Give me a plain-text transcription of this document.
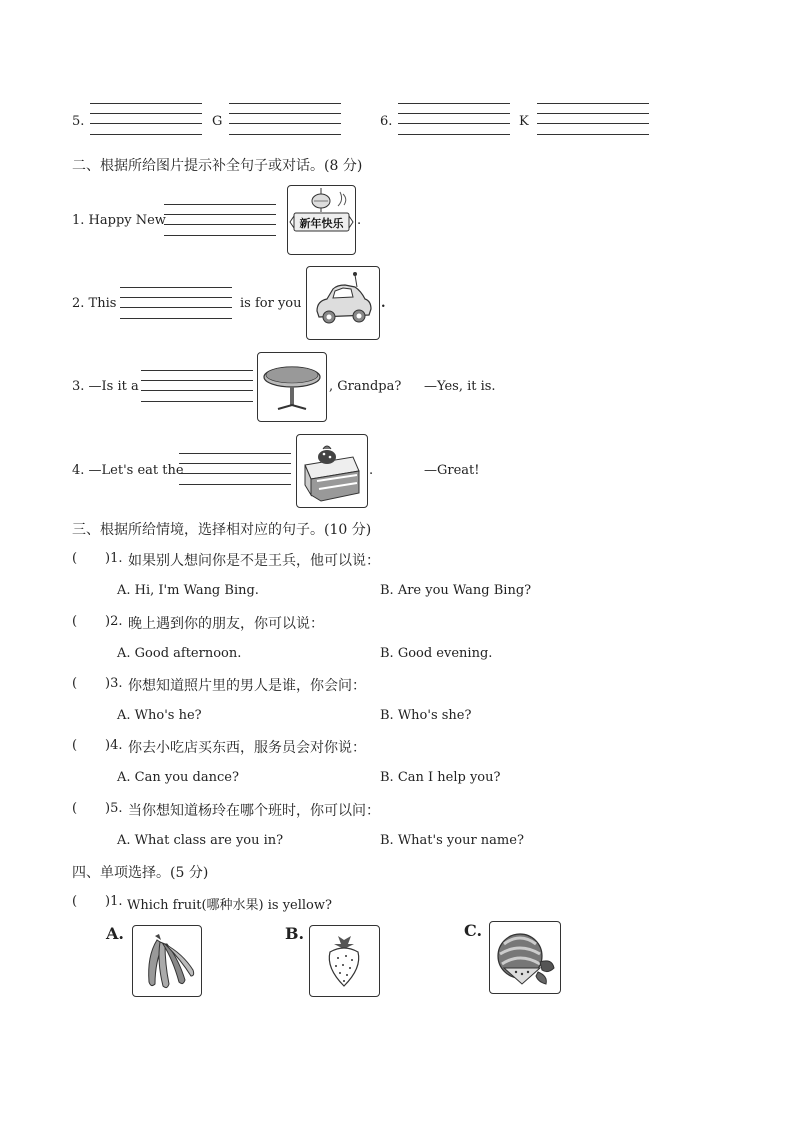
5.	G	6.	K
二、根据所给图片提示补全句子或对话。(8 分)
1. Happy New	新年快乐 .
2. This	is for you	.
3. —Is it a	, Grandpa? —Yes, it is.
4. —Let's eat the	.	—Great!
三、根据所给情境，选择相对应的句子。(10 分)
( )1. 如果别人想问你是不是王兵，他可以说：
A. Hi, I'm Wang Bing.	B. Are you Wang Bing?
( )2. 晚上遇到你的朋友，你可以说：
A. Good afternoon.	B. Good evening.
( )3. 你想知道照片里的男人是谁，你会问：
A. Who's he?	B. Who's she?
( )4. 你去小吃店买东西，服务员会对你说：
A. Can you dance?	B. Can I help you?
( )5. 当你想知道杨玲在哪个班时，你可以问：
A. What class are you in?	B. What's your name?
四、单项选择。(5 分)
( )1. Which fruit(哪种水果) is yellow?
A.	B.	C.
